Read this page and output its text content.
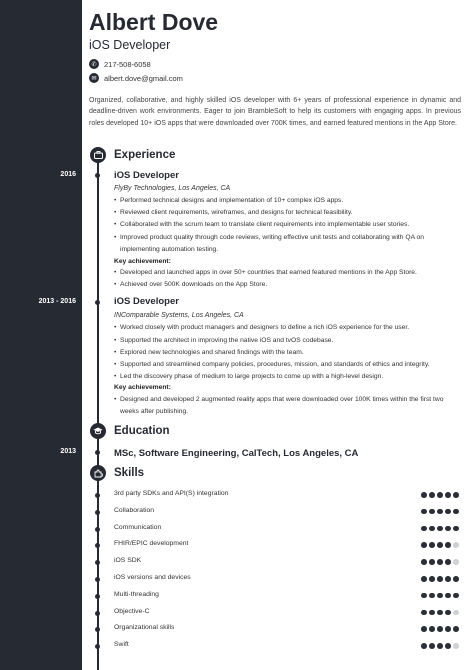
Albert Dove
iOS Developer
✆ 217-508-6058
✉ albert.dove@gmail.com
Organized, collaborative, and highly skilled iOS developer with 6+ years of professional experience in dynamic and deadline-driven work environments. Eager to join BrambleSoft to help its customers with engaging apps. In previous roles developed 10+ iOS apps that were downloaded over 700K times, and earned featured mentions in the App Store.
Experience
2016	iOS Developer
FlyBy Technologies, Los Angeles, CA
• Performed technical designs and implementation of 10+ complex iOS apps.
• Reviewed client requirements, wireframes, and designs for technical feasibility.
• Collaborated with the scrum team to translate client requirements into implementable user stories.
• Improved product quality through code reviews, writing effective unit tests and collaborating with QA on implementing automation testing.
Key achievement:
• Developed and launched apps in over 50+ countries that earned featured mentions in the App Store.
• Achieved over 500K downloads on the App Store.
2013 - 2016	iOS Developer
INComparable Systems, Los Angeles, CA
• Worked closely with product managers and designers to define a rich iOS experience for the user.
• Supported the architect in improving the native iOS and tvOS codebase.
• Explored new technologies and shared findings with the team.
• Supported and streamlined company policies, procedures, mission, and standards of ethics and integrity.
• Led the discovery phase of medium to large projects to come up with a high-level design.
Key achievement:
• Designed and developed 2 augmented reality apps that were downloaded over 100K times within the first two weeks after publishing.
Education
2013	MSc, Software Engineering, CalTech, Los Angeles, CA
Skills
3rd party SDKs and API(S) integration
Collaboration
Communication
FHIR/EPIC development
iOS SDK
iOS versions and devices
Multi-threading
Objective-C
Organizational skills
Swift
